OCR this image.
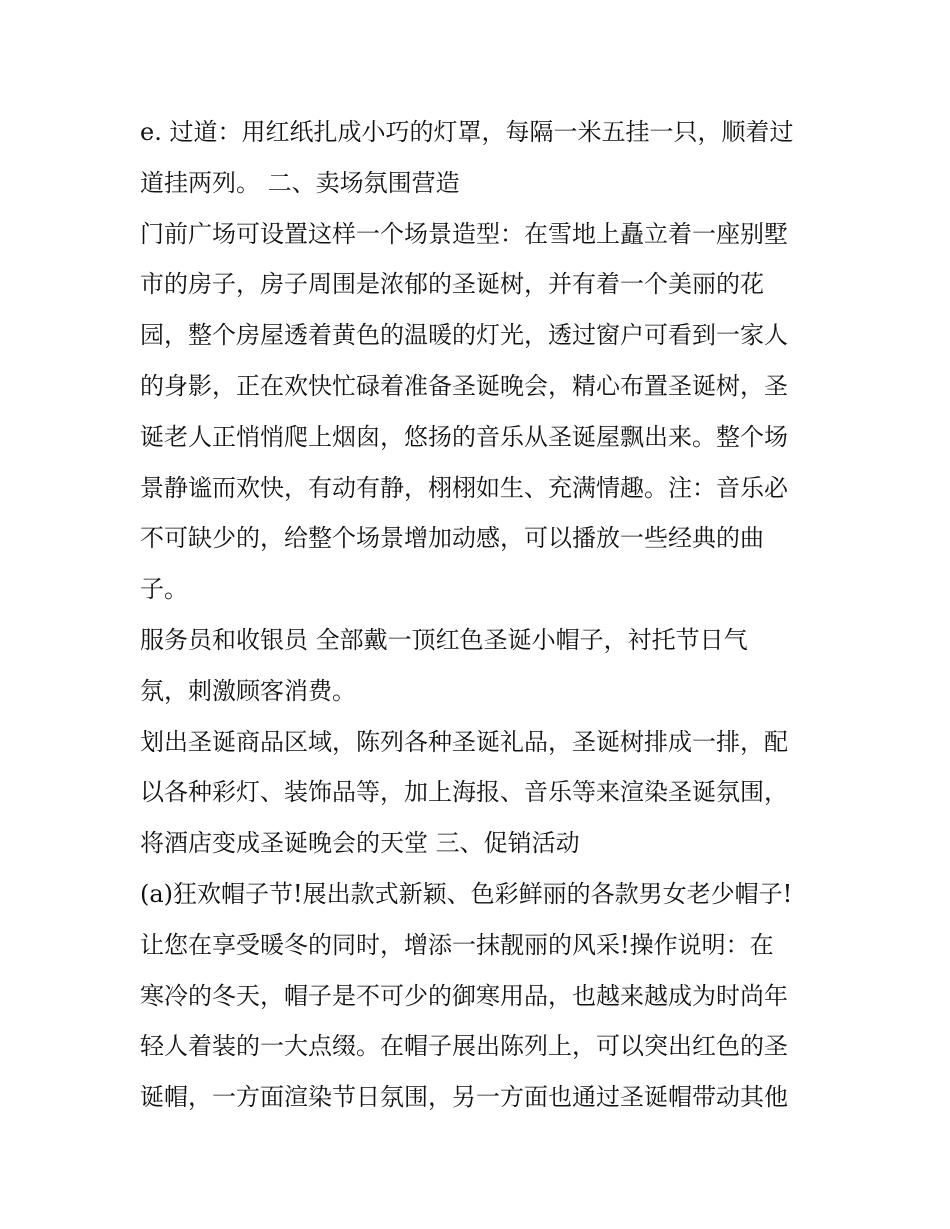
e. 过道：用红纸扎成小巧的灯罩，每隔一米五挂一只，顺着过
道挂两列。 二、卖场氛围营造
门前广场可设置这样一个场景造型：在雪地上矗立着一座别墅
市的房子，房子周围是浓郁的圣诞树，并有着一个美丽的花
园，整个房屋透着黄色的温暖的灯光，透过窗户可看到一家人
的身影，正在欢快忙碌着准备圣诞晚会，精心布置圣诞树，圣
诞老人正悄悄爬上烟囱，悠扬的音乐从圣诞屋飘出来。整个场
景静谧而欢快，有动有静，栩栩如生、充满情趣。注：音乐必
不可缺少的，给整个场景增加动感，可以播放一些经典的曲
子。
服务员和收银员 全部戴一顶红色圣诞小帽子，衬托节日气
氛，刺激顾客消费。
划出圣诞商品区域，陈列各种圣诞礼品，圣诞树排成一排，配
以各种彩灯、装饰品等，加上海报、音乐等来渲染圣诞氛围，
将酒店变成圣诞晚会的天堂 三、促销活动
(a)狂欢帽子节!展出款式新颖、色彩鲜丽的各款男女老少帽子!
让您在享受暖冬的同时，增添一抹靓丽的风采!操作说明：在
寒冷的冬天，帽子是不可少的御寒用品，也越来越成为时尚年
轻人着装的一大点缀。在帽子展出陈列上，可以突出红色的圣
诞帽，一方面渲染节日氛围，另一方面也通过圣诞帽带动其他
